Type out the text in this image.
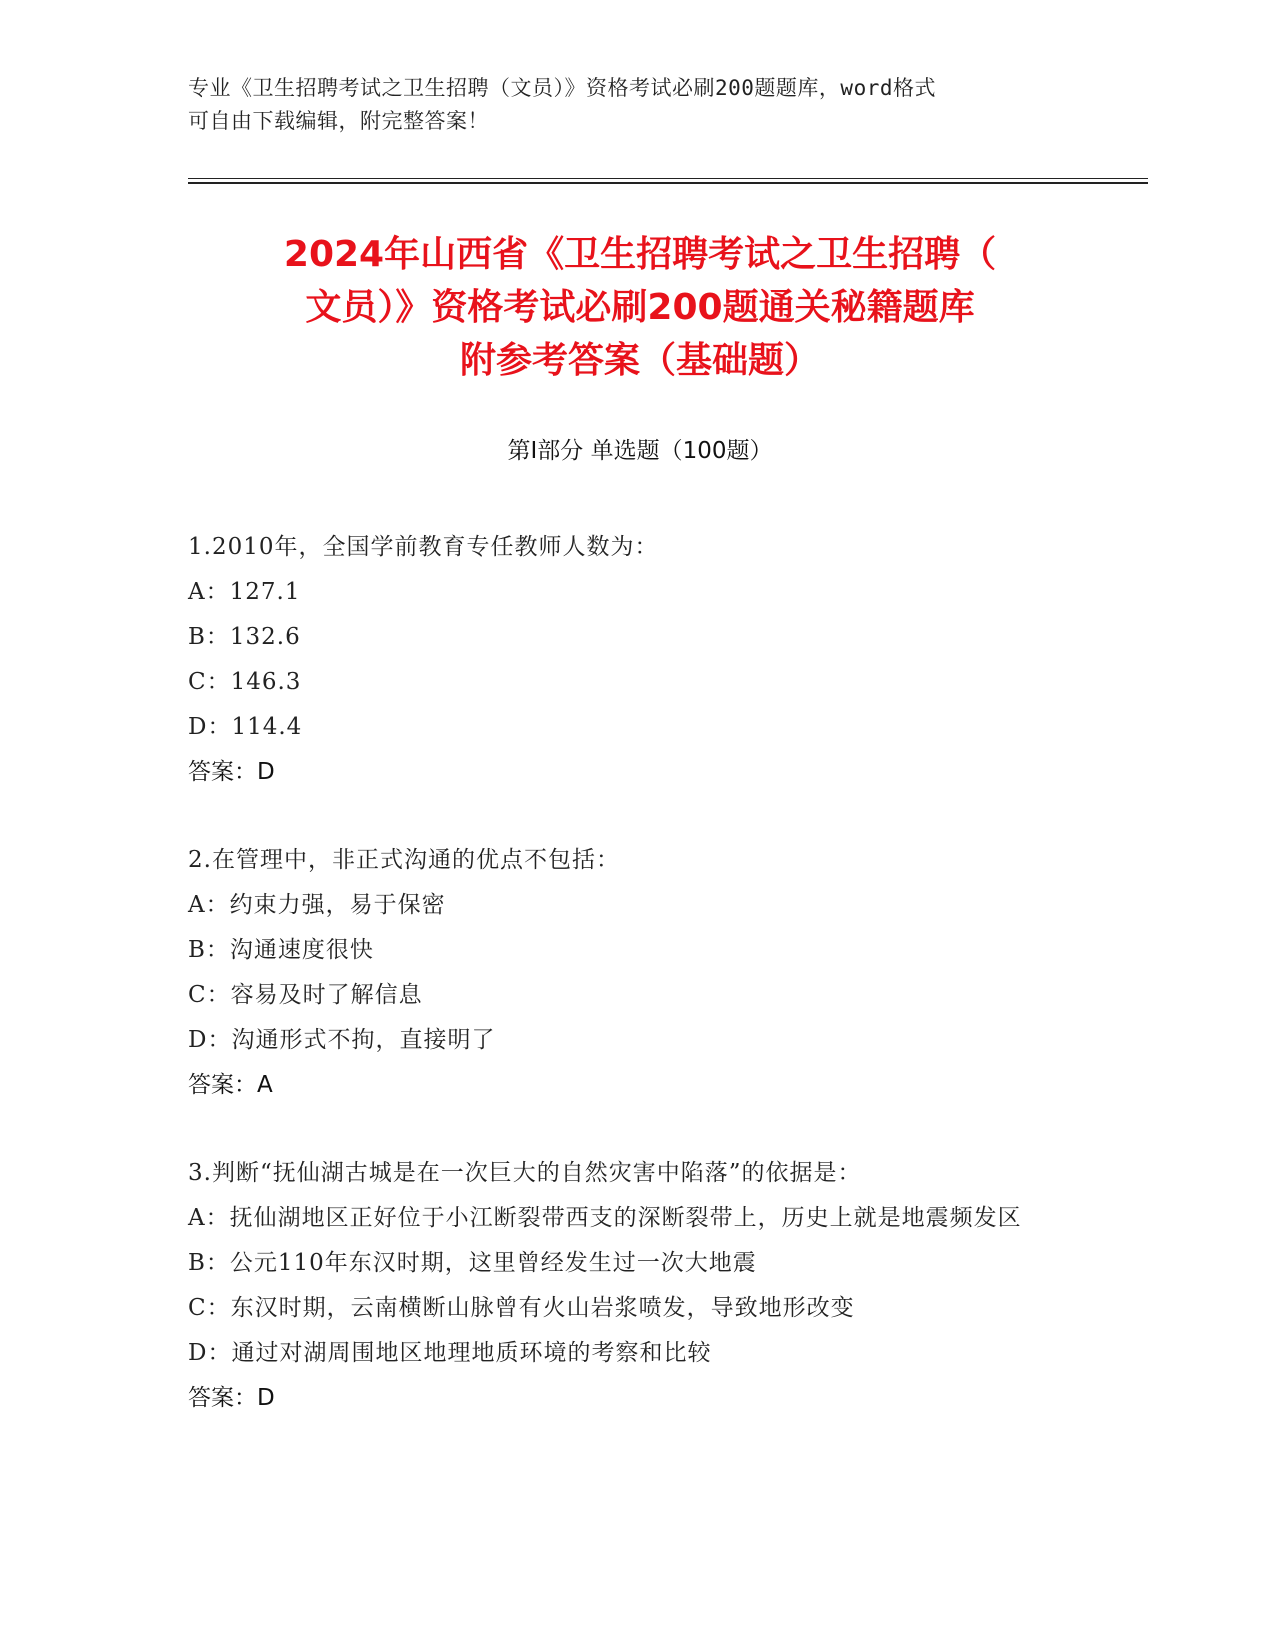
专业《卫生招聘考试之卫生招聘（文员）》资格考试必刷200题题库，word格式
可自由下载编辑，附完整答案！
2024年山西省《卫生招聘考试之卫生招聘（
文员）》资格考试必刷200题通关秘籍题库
附参考答案（基础题）
第Ⅰ部分 单选题（100题）
1.2010年，全国学前教育专任教师人数为：
A：127.1
B：132.6
C：146.3
D：114.4
答案：D
2.在管理中，非正式沟通的优点不包括：
A：约束力强，易于保密
B：沟通速度很快
C：容易及时了解信息
D：沟通形式不拘，直接明了
答案：A
3.判断“抚仙湖古城是在一次巨大的自然灾害中陷落”的依据是：
A：抚仙湖地区正好位于小江断裂带西支的深断裂带上，历史上就是地震频发区
B：公元110年东汉时期，这里曾经发生过一次大地震
C：东汉时期，云南横断山脉曾有火山岩浆喷发，导致地形改变
D：通过对湖周围地区地理地质环境的考察和比较
答案：D
